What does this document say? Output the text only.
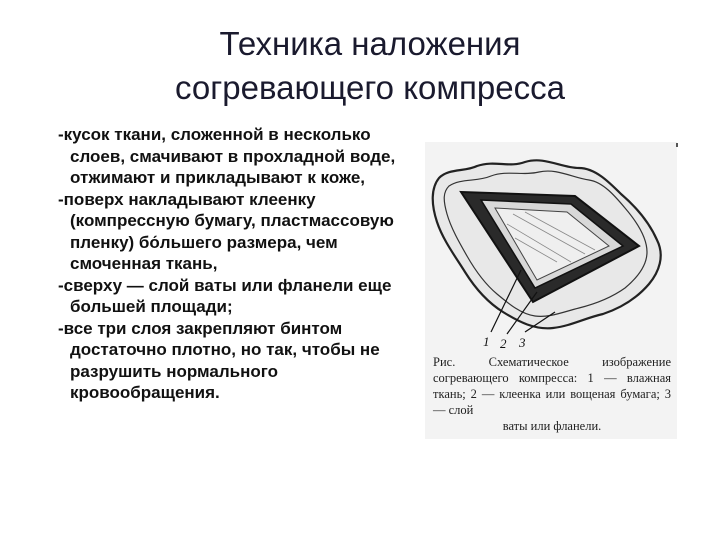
Техника наложения
согревающего компресса
-кусок ткани, сложенной в несколько слоев, смачивают в прохладной воде, отжимают и прикладывают к коже,
-поверх накладывают клеенку (компрессную бумагу, пластмассовую пленку) бо́льшего размера, чем смоченная ткань,
-сверху — слой ваты или фланели еще большей площади;
-все три слоя закрепляют бинтом достаточно плотно, но так, чтобы не разрушить нормального кровообращения.
1 2 3
Рис. Схематическое изображение согревающего компресса: 1 — влажная ткань; 2 — клеенка или вощеная бумага; 3 — слой
ваты или фланели.
